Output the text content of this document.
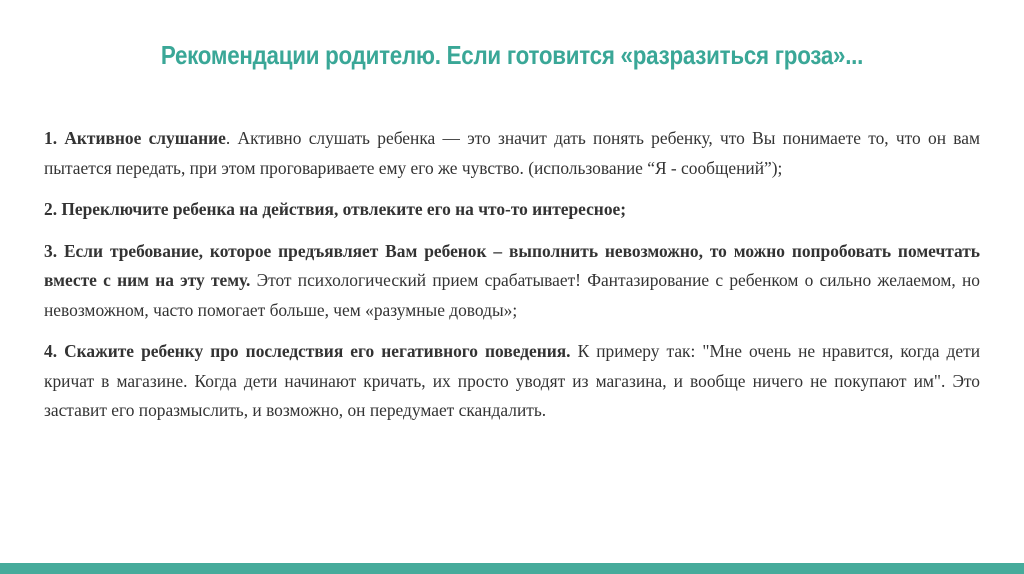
Рекомендации родителю. Если готовится «разразиться гроза»...

1. Активное слушание. Активно слушать ребенка — это значит дать понять ребенку, что Вы понимаете то, что он вам пытается передать, при этом проговариваете ему его же чувство. (использование “Я - сообщений”);

2. Переключите ребенка на действия, отвлеките его на что-то интересное;

3. Если требование, которое предъявляет Вам ребенок – выполнить невозможно, то можно попробовать помечтать вместе с ним на эту тему. Этот психологический прием срабатывает! Фантазирование с ребенком о сильно желаемом, но невозможном, часто помогает больше, чем «разумные доводы»;

4. Скажите ребенку про последствия его негативного поведения. К примеру так: "Мне очень не нравится, когда дети кричат в магазине. Когда дети начинают кричать, их просто уводят из магазина, и вообще ничего не покупают им". Это заставит его поразмыслить, и возможно, он передумает скандалить.
